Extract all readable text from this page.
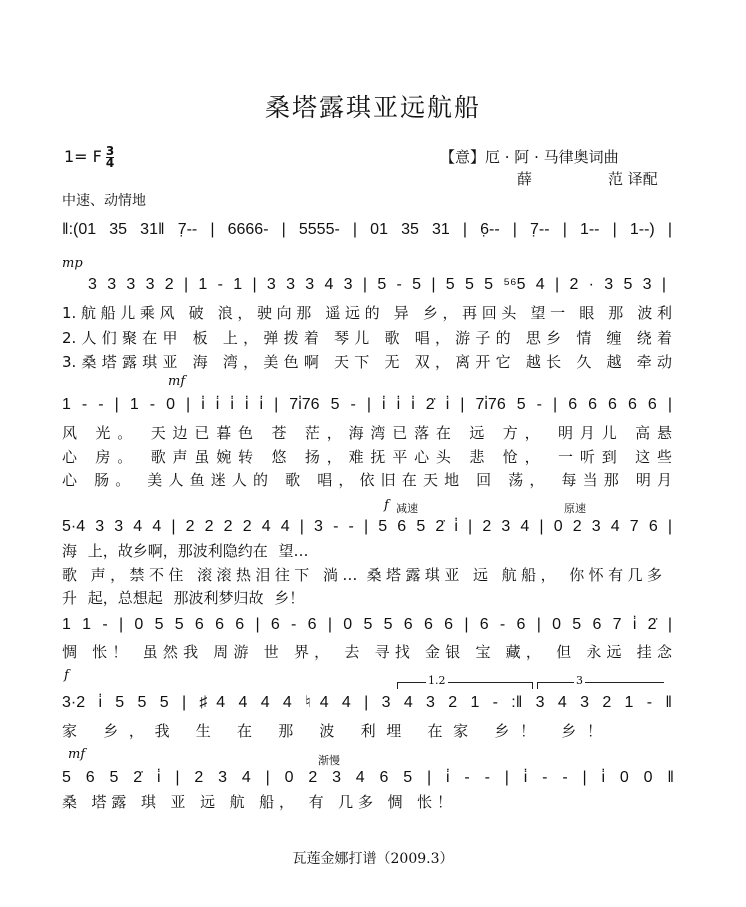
桑塔露琪亚远航船
1= F $\frac{3}{4}$	【意】厄 · 阿 · 马律奥词曲
薛	范 译配
中速、动情地
‖:(01 35 31‖ 7̣-- | 6666- | 5555- | 01 35 31 | 6̣-- | 7̣-- | 1-- | 1--) |
mp
3 3 3 3 2 | 1 - 1 | 3 3 3 4 3 | 5 - 5 | 5 5 5 ⁵⁶5 4 | 2 · 3 5 3 |
1.航船儿乘风 破 浪，驶向那 遥远的 异 乡，再回头 望一 眼 那 波利
2.人们聚在甲 板 上，弹拨着 琴儿 歌 唱，游子的 思乡 情 缠 绕着
3.桑塔露琪亚 海 湾，美色啊 天下 无 双，离开它 越长 久 越 牵动
mf
1 - - | 1 - 0 | i̇ i̇ i̇ i̇ i̇ | 7i̇76 5 - | i̇ i̇ i̇ 2̇ i̇ | 7i̇76 5 - | 6 6 6 6 6 |
风 光。 天边已暮色 苍 茫，海湾已落在 远 方， 明月儿 高悬
心 房。 歌声虽婉转 悠 扬，难抚平心头 悲 怆， 一听到 这些
心 肠。 美人鱼迷人的 歌 唱，依旧在天地 回 荡， 每当那 明月
f 减速	原速
5·4 3 3 4 4 | 2 2 2 2 4 4 | 3 - - | 5 6 5 2̇ i̇ | 2 3 4 | 0 2 3 4 7 6 |
海 上，故乡啊，那波利隐约在 望…
歌 声，禁不住 滚滚热泪往下 淌… 桑塔露琪亚 远 航船， 你怀有几多
升 起，总想起 那波利梦归故 乡！
1 1 - | 0 5 5 6 6 6 | 6 - 6 | 0 5 5 6 6 6 | 6 - 6 | 0 5 6 7 i̇ 2̇ |
惆 怅！ 虽然我 周游 世 界， 去 寻找 金银 宝 藏， 但 永远 挂念
f	1.2	3
3·2 i̇ 5 5 5 | ♯4 4 4 4 ♮4 4 | 3 4 3 2 1 - :‖ 3 4 3 2 1 - ‖
家 乡，我 生 在 那 波 利埋 在家 乡！ 乡！
mf	渐慢
5 6 5 2̇ i̇ | 2 3 4 | 0 2 3 4 6 5 | i̇ - - | i̇ - - | i̇ 0 0 ‖
桑 塔露 琪 亚 远 航 船， 有 几多 惆 怅！
瓦莲金娜打谱（2009.3）
